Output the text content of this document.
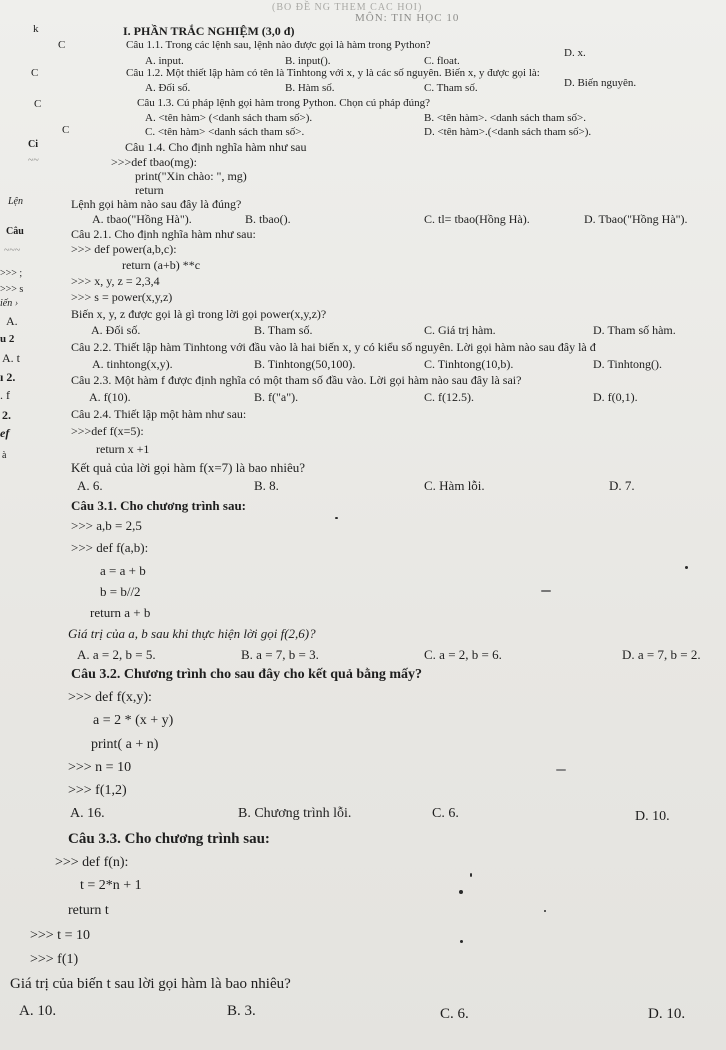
(BO ĐỀ NG THEM CAC HOI)
MÔN: TIN HỌC 10
I. PHẦN TRẮC NGHIỆM (3,0 đ)
k
C
C
C
C
Ci
~~
Lện
Câu
~~~
>>> ;
>>> s
iến ›
A.
u 2
A. t
ı 2.
. f
2.
ef
à
Câu 1.1. Trong các lệnh sau, lệnh nào được gọi là hàm trong Python?
A. input.	B. input().	C. float.
D. x.
Câu 1.2. Một thiết lập hàm có tên là Tinhtong với x, y là các số nguyên. Biến x, y được gọi là:
A. Đối số.	B. Hàm số.	C. Tham số.	D. Biến nguyên.
Câu 1.3. Cú pháp lệnh gọi hàm trong Python. Chọn cú pháp đúng?
A. <tên hàm> (<danh sách tham số>).	B. <tên hàm>. <danh sách tham số>.
C. <tên hàm> <danh sách tham số>.	D. <tên hàm>.(<danh sách tham số>).
Câu 1.4. Cho định nghĩa hàm như sau
>>>def tbao(mg):
print("Xin chào: ", mg)
return
Lệnh gọi hàm nào sau đây là đúng?
A. tbao("Hồng Hà").	B. tbao().	C. tl= tbao(Hồng Hà).	D. Tbao("Hồng Hà").
Câu 2.1. Cho định nghĩa hàm như sau:
>>> def power(a,b,c):
return (a+b) **c
>>> x, y, z = 2,3,4
>>> s = power(x,y,z)
Biến x, y, z được gọi là gì trong lời gọi power(x,y,z)?
A. Đối số.	B. Tham số.	C. Giá trị hàm.	D. Tham số hàm.
Câu 2.2. Thiết lập hàm Tinhtong với đầu vào là hai biến x, y có kiểu số nguyên. Lời gọi hàm nào sau đây là đ
A. tinhtong(x,y).	B. Tinhtong(50,100).	C. Tinhtong(10,b).	D. Tinhtong().
Câu 2.3. Một hàm f được định nghĩa có một tham số đầu vào. Lời gọi hàm nào sau đây là sai?
A. f(10).	B. f("a").	C. f(12.5).	D. f(0,1).
Câu 2.4. Thiết lập một hàm như sau:
>>>def f(x=5):
return x +1
Kết quả của lời gọi hàm f(x=7) là bao nhiêu?
A. 6.	B. 8.	C. Hàm lỗi.	D. 7.
Câu 3.1. Cho chương trình sau:
>>> a,b = 2,5
>>> def f(a,b):
a = a + b
b = b//2
return a + b
Giá trị của a, b sau khi thực hiện lời gọi f(2,6)?
A. a = 2, b = 5.	B. a = 7, b = 3.	C. a = 2, b = 6.	D. a = 7, b = 2.
Câu 3.2. Chương trình cho sau đây cho kết quả bằng mấy?
>>> def f(x,y):
a = 2 * (x + y)
print( a + n)
>>> n = 10
>>> f(1,2)
A. 16.	B. Chương trình lỗi.	C. 6.	D. 10.
Câu 3.3. Cho chương trình sau:
>>> def f(n):
t = 2*n + 1
return t
>>> t = 10
>>> f(1)
Giá trị của biến t sau lời gọi hàm là bao nhiêu?
A. 10.	B. 3.	C. 6.	D. 10.
